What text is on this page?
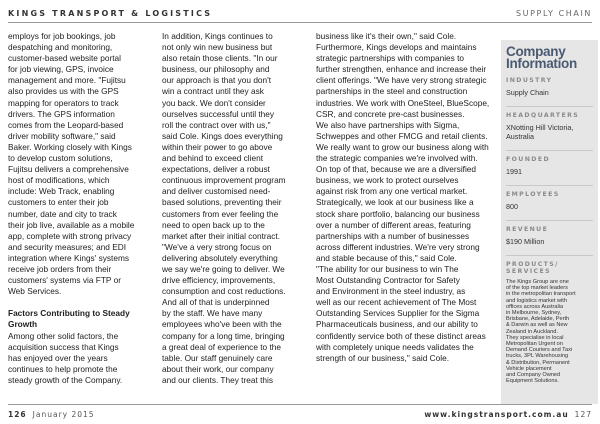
KINGS TRANSPORT & LOGISTICS	SUPPLY CHAIN
employs for job bookings, job
despatching and monitoring,
customer-based website portal
for job viewing, GPS, invoice
management and more. "Fujitsu
also provides us with the GPS
mapping for operators to track
drivers. The GPS information
comes from the Leopard-based
driver mobility software," said
Baker. Working closely with Kings
to develop custom solutions,
Fujitsu delivers a comprehensive
host of modifications, which
include: Web Track, enabling
customers to enter their job
number, date and city to track
their job live, available as a mobile
app, complete with strong privacy
and security measures; and EDI
integration where Kings' systems
receive job orders from their
customers' systems via FTP or
Web Services.
Factors Contributing to Steady
Growth
Among other solid factors, the
acquisition success that Kings
has enjoyed over the years
continues to help promote the
steady growth of the Company.
In addition, Kings continues to
not only win new business but
also retain those clients. "In our
business, our philosophy and
our approach is that you don't
win a contract until they ask
you back. We don't consider
ourselves successful until they
roll the contract over with us,"
said Cole. Kings does everything
within their power to go above
and behind to exceed client
expectations, deliver a robust
continuous improvement program
and deliver customised need-
based solutions, preventing their
customers from ever feeling the
need to open back up to the
market after their initial contract.
"We've a very strong focus on
delivering absolutely everything
we say we're going to deliver. We
drive efficiency, improvements,
consumption and cost reductions.
And all of that is underpinned
by the staff. We have many
employees who've been with the
company for a long time, bringing
a great deal of experience to the
table. Our staff genuinely care
about their work, our company
and our clients. They treat this
business like it's their own," said Cole.
Furthermore, Kings develops and maintains
strategic partnerships with companies to
further strengthen, enhance and increase their
client offerings. "We have very strong strategic
partnerships in the steel and construction
industries. We work with OneSteel, BlueScope,
CSR, and concrete pre-cast businesses.
We also have partnerships with Sigma,
Schweppes and other FMCG and retail clients.
We really want to grow our business along with
the strategic companies we're involved with.
On top of that, because we are a diversified
business, we work to protect ourselves
against risk from any one vertical market.
Strategically, we look at our business like a
stock share portfolio, balancing our business
over a number of different areas, featuring
partnerships with a number of businesses
across different industries. We're very strong
and stable because of this," said Cole.
"The ability for our business to win The
Most Outstanding Contractor for Safety
and Environment in the steel industry, as
well as our recent achievement of The Most
Outstanding Services Supplier for the Sigma
Pharmaceuticals business, and our ability to
confidently service both of these distinct areas
with completely unique needs validates the
strength of our business," said Cole.
Company
Information
INDUSTRY
Supply Chain
HEADQUARTERS
XNotting Hill Victoria, Australia
FOUNDED
1991
EMPLOYEES
800
REVENUE
$190 Million
PRODUCTS/
SERVICES
The Kings Group are one
of the top market leaders
in the metropolitan transport
and logistics market with
offices across Australia
in Melbourne, Sydney,
Brisbane, Adelaide, Perth
& Darwin as well as New
Zealand in Auckland.
They specialise in local
Metropolitan Urgent on
Demand Couriers and Taxi
trucks, 3PL Warehousing
& Distribution, Permanent
Vehicle placement
and Company Owned
Equipment Solutions.
126 January 2015	www.kingstransport.com.au 127
